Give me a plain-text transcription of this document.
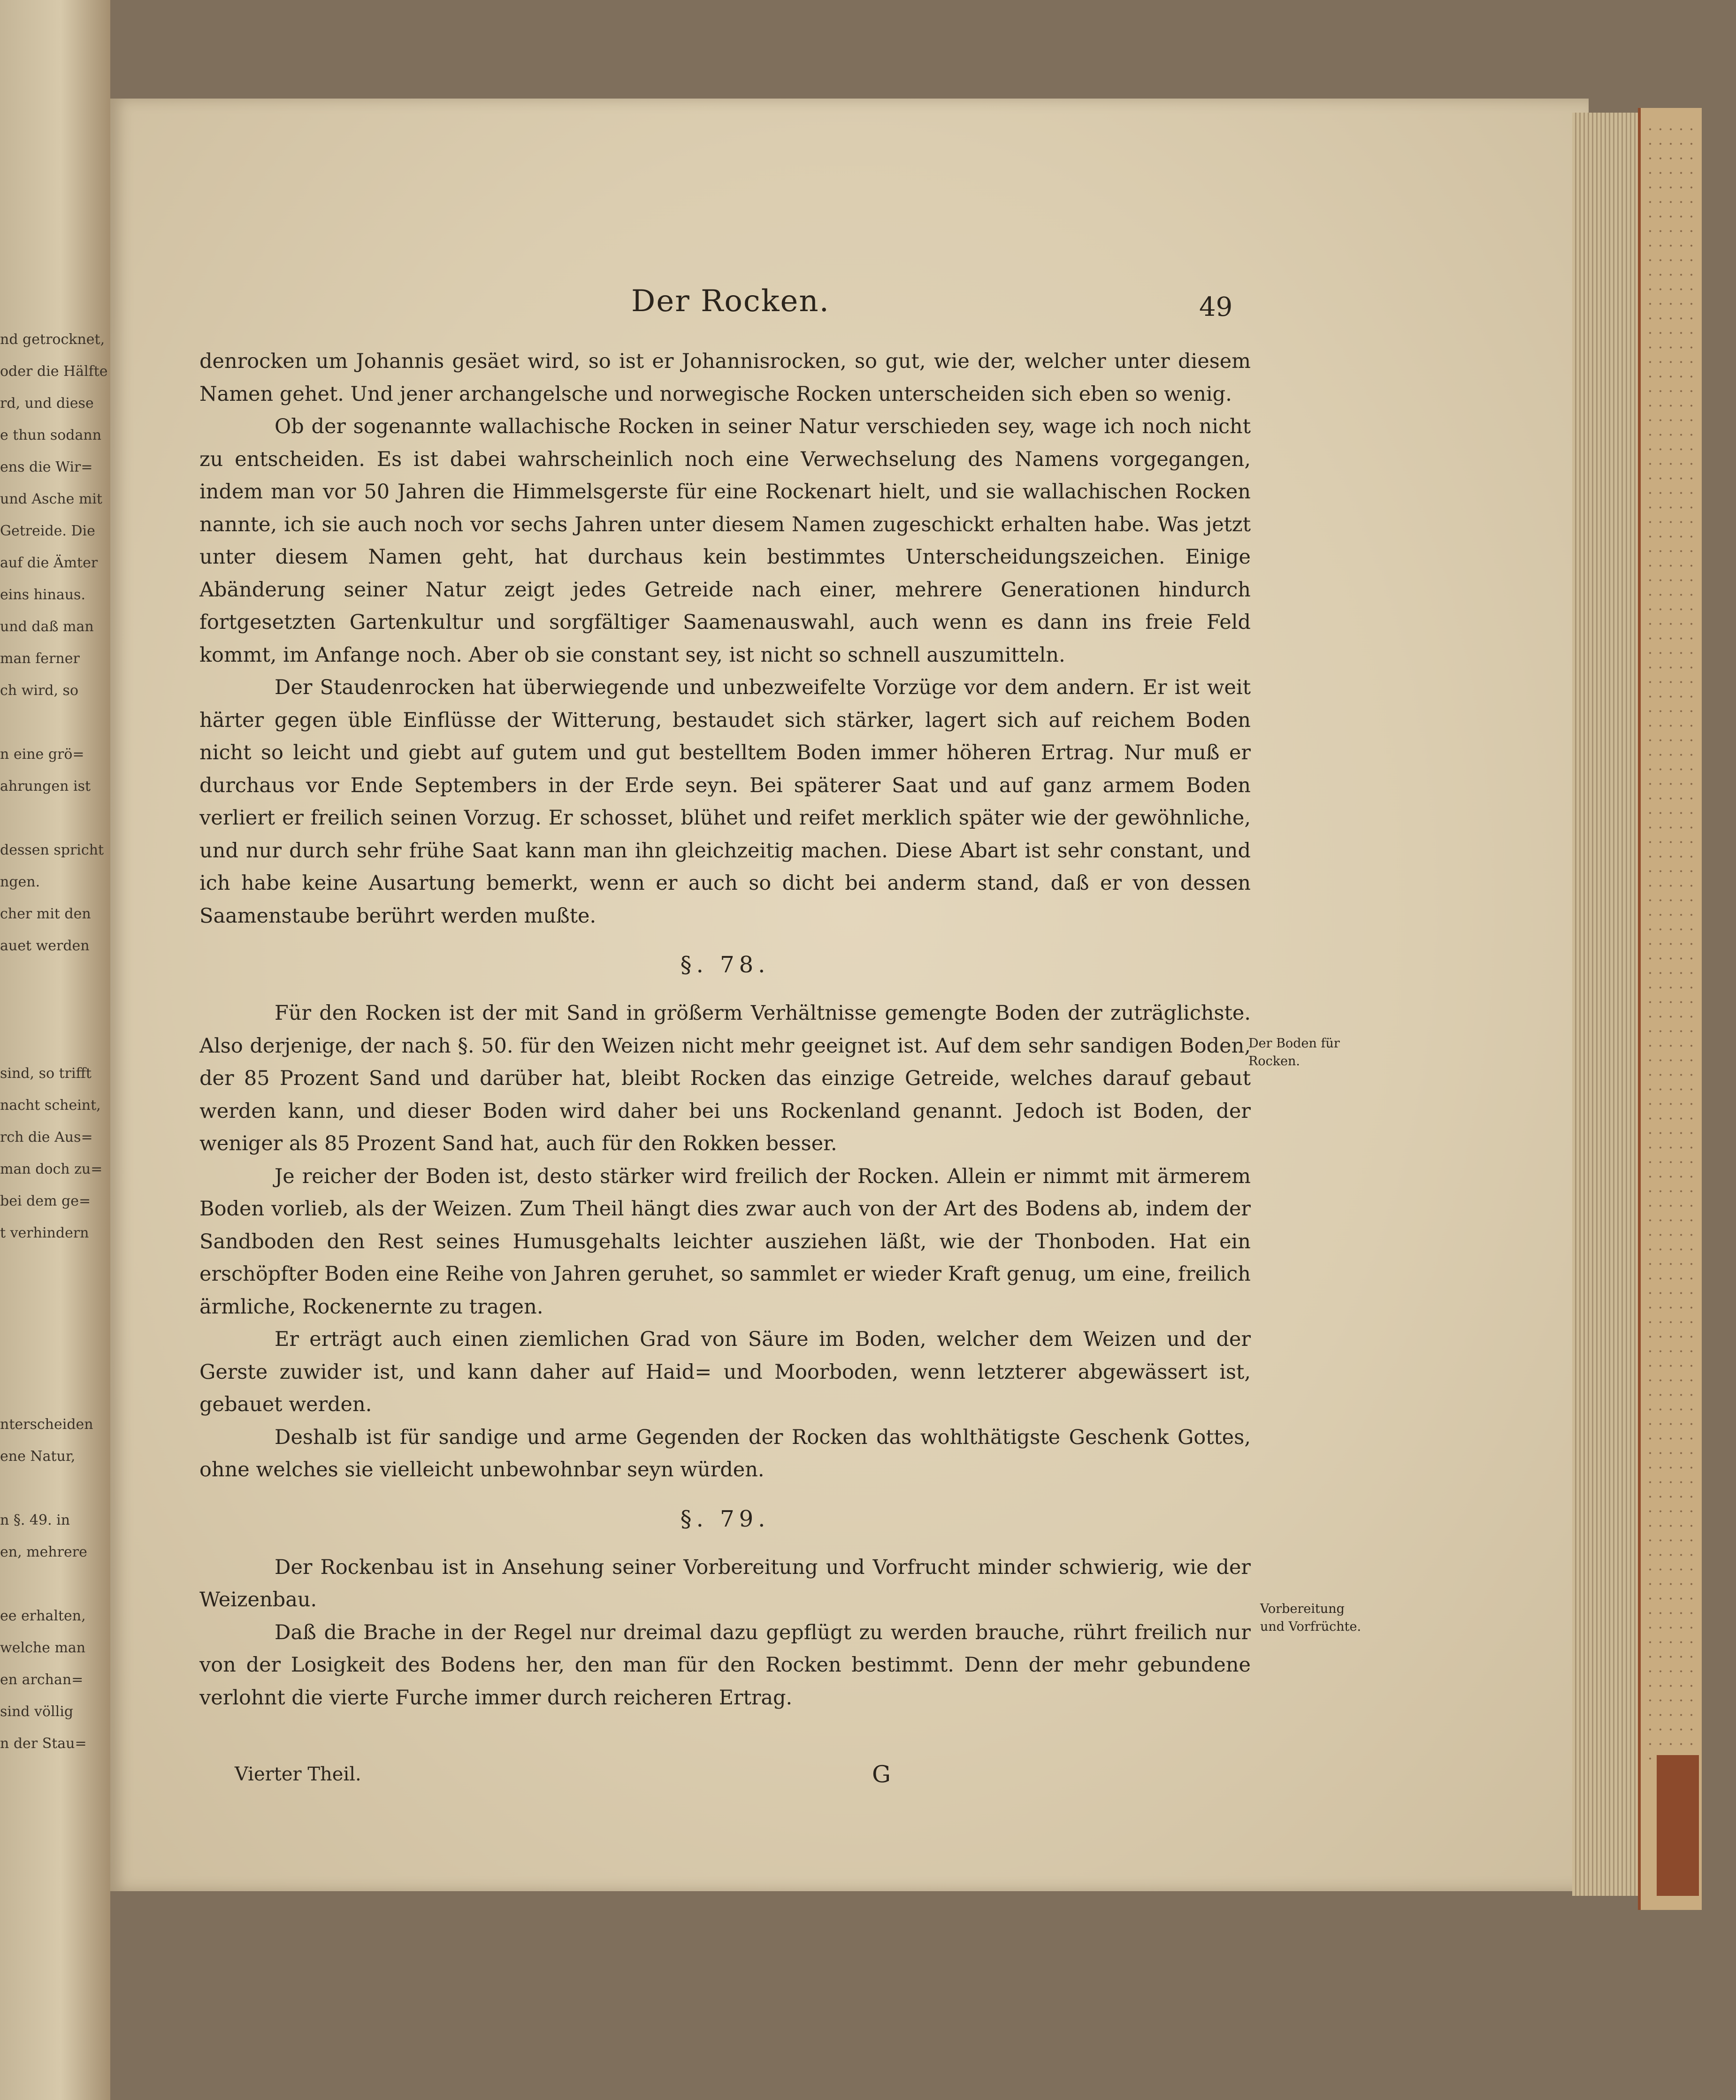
nd getrocknet,
oder die Hälfte
rd, und diese
e thun sodann
ens die Wir=
und Asche mit
Getreide. Die
auf die Ämter
eins hinaus.
und daß man
man ferner
ch wird, so
n eine grö=
ahrungen ist
dessen spricht
ngen.
cher mit den
auet werden
sind, so trifft
nacht scheint,
rch die Aus=
man doch zu=
bei dem ge=
t verhindern
nterscheiden
ene Natur,
n §. 49. in
en, mehrere
ee erhalten,
welche man
en archan=
sind völlig
n der Stau=
Der Rocken.	49

denrocken um Johannis gesäet wird, so ist er Johannisrocken, so gut, wie der, welcher unter diesem Namen gehet. Und jener archangelsche und norwegische Rocken unterscheiden sich eben so wenig.

Ob der sogenannte wallachische Rocken in seiner Natur verschieden sey, wage ich noch nicht zu entscheiden. Es ist dabei wahrscheinlich noch eine Verwechselung des Namens vorgegangen, indem man vor 50 Jahren die Himmelsgerste für eine Rockenart hielt, und sie wallachischen Rocken nannte, ich sie auch noch vor sechs Jahren unter diesem Namen zugeschickt erhalten habe. Was jetzt unter diesem Namen geht, hat durchaus kein bestimmtes Unterscheidungszeichen. Einige Abänderung seiner Natur zeigt jedes Getreide nach einer, mehrere Generationen hindurch fortgesetzten Gartenkultur und sorgfältiger Saamenauswahl, auch wenn es dann ins freie Feld kommt, im Anfange noch. Aber ob sie constant sey, ist nicht so schnell auszumitteln.

Der Staudenrocken hat überwiegende und unbezweifelte Vorzüge vor dem andern. Er ist weit härter gegen üble Einflüsse der Witterung, bestaudet sich stärker, lagert sich auf reichem Boden nicht so leicht und giebt auf gutem und gut bestelltem Boden immer höheren Ertrag. Nur muß er durchaus vor Ende Septembers in der Erde seyn. Bei späterer Saat und auf ganz armem Boden verliert er freilich seinen Vorzug. Er schosset, blühet und reifet merklich später wie der gewöhnliche, und nur durch sehr frühe Saat kann man ihn gleichzeitig machen. Diese Abart ist sehr constant, und ich habe keine Ausartung bemerkt, wenn er auch so dicht bei anderm stand, daß er von dessen Saamenstaube berührt werden mußte.

§. 78.

Für den Rocken ist der mit Sand in größerm Verhältnisse gemengte Boden der zuträglichste. Also derjenige, der nach §. 50. für den Weizen nicht mehr geeignet ist. Auf dem sehr sandigen Boden, der 85 Prozent Sand und darüber hat, bleibt Rocken das einzige Getreide, welches darauf gebaut werden kann, und dieser Boden wird daher bei uns Rockenland genannt. Jedoch ist Boden, der weniger als 85 Prozent Sand hat, auch für den Rokken besser.

Je reicher der Boden ist, desto stärker wird freilich der Rocken. Allein er nimmt mit ärmerem Boden vorlieb, als der Weizen. Zum Theil hängt dies zwar auch von der Art des Bodens ab, indem der Sandboden den Rest seines Humusgehalts leichter ausziehen läßt, wie der Thonboden. Hat ein erschöpfter Boden eine Reihe von Jahren geruhet, so sammlet er wieder Kraft genug, um eine, freilich ärmliche, Rockenernte zu tragen.

Er erträgt auch einen ziemlichen Grad von Säure im Boden, welcher dem Weizen und der Gerste zuwider ist, und kann daher auf Haid= und Moorboden, wenn letzterer abgewässert ist, gebauet werden.

Deshalb ist für sandige und arme Gegenden der Rocken das wohlthätigste Geschenk Gottes, ohne welches sie vielleicht unbewohnbar seyn würden.

§. 79.

Der Rockenbau ist in Ansehung seiner Vorbereitung und Vorfrucht minder schwierig, wie der Weizenbau.

Daß die Brache in der Regel nur dreimal dazu gepflügt zu werden brauche, rührt freilich nur von der Losigkeit des Bodens her, den man für den Rocken bestimmt. Denn der mehr gebundene verlohnt die vierte Furche immer durch reicheren Ertrag.

Der Boden für
Rocken.
Vorbereitung
und Vorfrüchte.
Vierter Theil.	G
